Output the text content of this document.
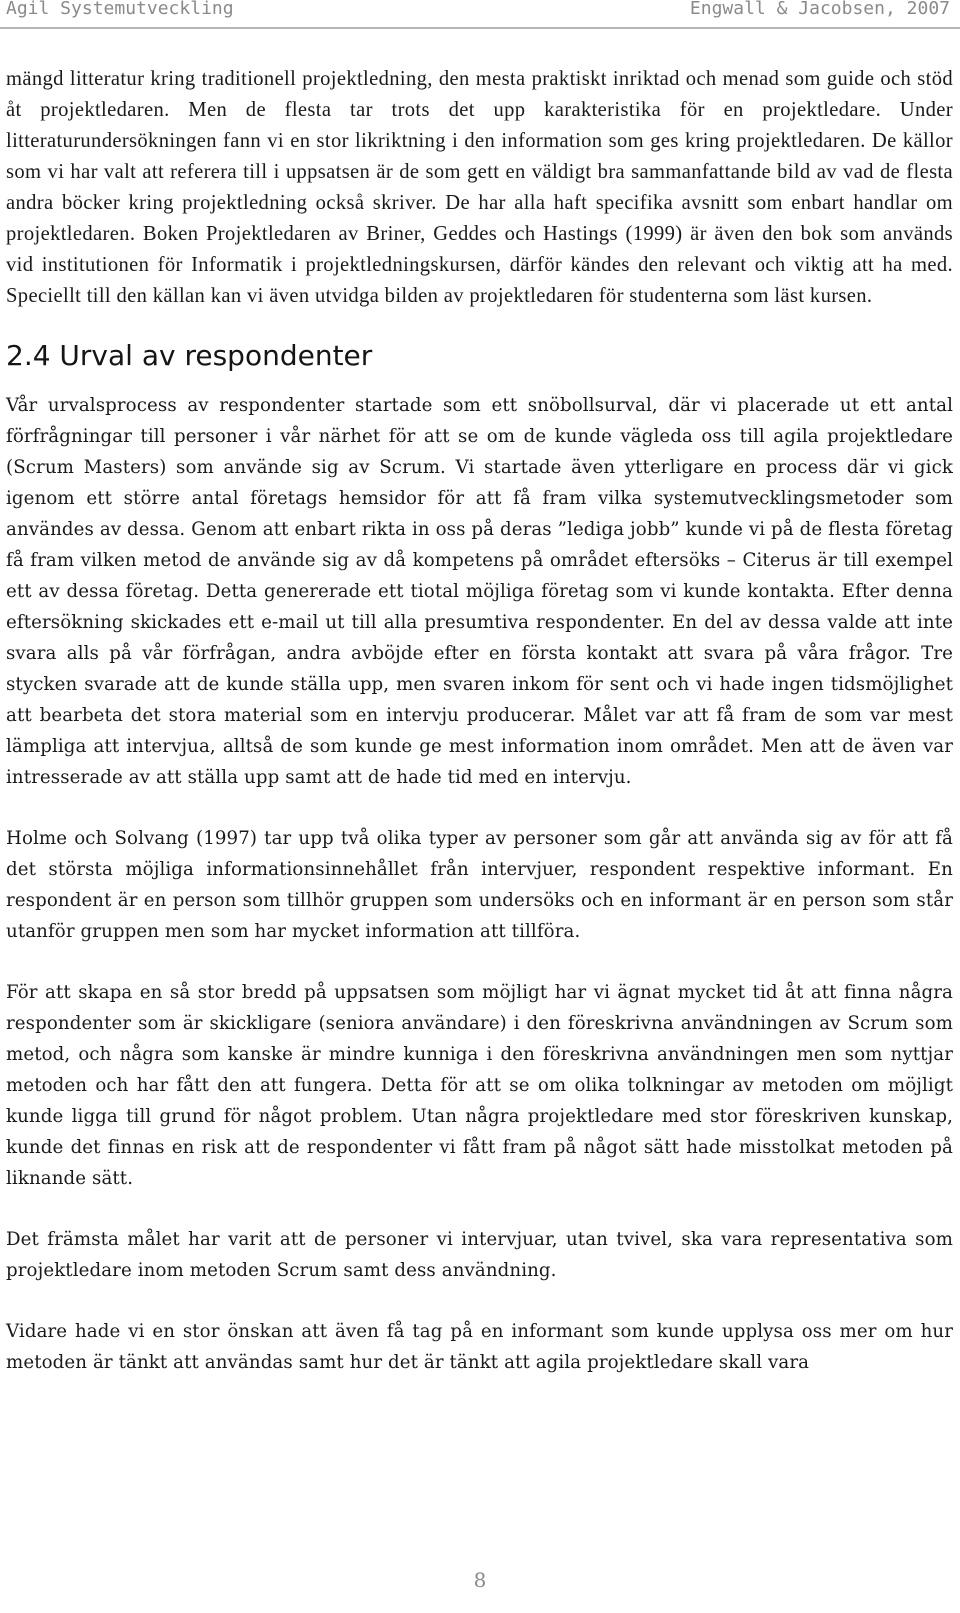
Agil Systemutveckling	Engwall & Jacobsen, 2007

mängd litteratur kring traditionell projektledning, den mesta praktiskt inriktad och menad som guide och stöd åt projektledaren. Men de flesta tar trots det upp karakteristika för en projektledare. Under litteraturundersökningen fann vi en stor likriktning i den information som ges kring projektledaren. De källor som vi har valt att referera till i uppsatsen är de som gett en väldigt bra sammanfattande bild av vad de flesta andra böcker kring projektledning också skriver. De har alla haft specifika avsnitt som enbart handlar om projektledaren. Boken Projektledaren av Briner, Geddes och Hastings (1999) är även den bok som används vid institutionen för Informatik i projektledningskursen, därför kändes den relevant och viktig att ha med. Speciellt till den källan kan vi även utvidga bilden av projektledaren för studenterna som läst kursen.

2.4 Urval av respondenter

Vår urvalsprocess av respondenter startade som ett snöbollsurval, där vi placerade ut ett antal förfrågningar till personer i vår närhet för att se om de kunde vägleda oss till agila projektledare (Scrum Masters) som använde sig av Scrum. Vi startade även ytterligare en process där vi gick igenom ett större antal företags hemsidor för att få fram vilka systemutvecklingsmetoder som användes av dessa. Genom att enbart rikta in oss på deras ”lediga jobb” kunde vi på de flesta företag få fram vilken metod de använde sig av då kompetens på området eftersöks – Citerus är till exempel ett av dessa företag. Detta genererade ett tiotal möjliga företag som vi kunde kontakta. Efter denna eftersökning skickades ett e-mail ut till alla presumtiva respondenter. En del av dessa valde att inte svara alls på vår förfrågan, andra avböjde efter en första kontakt att svara på våra frågor. Tre stycken svarade att de kunde ställa upp, men svaren inkom för sent och vi hade ingen tidsmöjlighet att bearbeta det stora material som en intervju producerar. Målet var att få fram de som var mest lämpliga att intervjua, alltså de som kunde ge mest information inom området. Men att de även var intresserade av att ställa upp samt att de hade tid med en intervju.

Holme och Solvang (1997) tar upp två olika typer av personer som går att använda sig av för att få det största möjliga informationsinnehållet från intervjuer, respondent respektive informant. En respondent är en person som tillhör gruppen som undersöks och en informant är en person som står utanför gruppen men som har mycket information att tillföra.

För att skapa en så stor bredd på uppsatsen som möjligt har vi ägnat mycket tid åt att finna några respondenter som är skickligare (seniora användare) i den föreskrivna användningen av Scrum som metod, och några som kanske är mindre kunniga i den föreskrivna användningen men som nyttjar metoden och har fått den att fungera. Detta för att se om olika tolkningar av metoden om möjligt kunde ligga till grund för något problem. Utan några projektledare med stor föreskriven kunskap, kunde det finnas en risk att de respondenter vi fått fram på något sätt hade misstolkat metoden på liknande sätt.

Det främsta målet har varit att de personer vi intervjuar, utan tvivel, ska vara representativa som projektledare inom metoden Scrum samt dess användning.

Vidare hade vi en stor önskan att även få tag på en informant som kunde upplysa oss mer om hur metoden är tänkt att användas samt hur det är tänkt att agila projektledare skall vara

8
